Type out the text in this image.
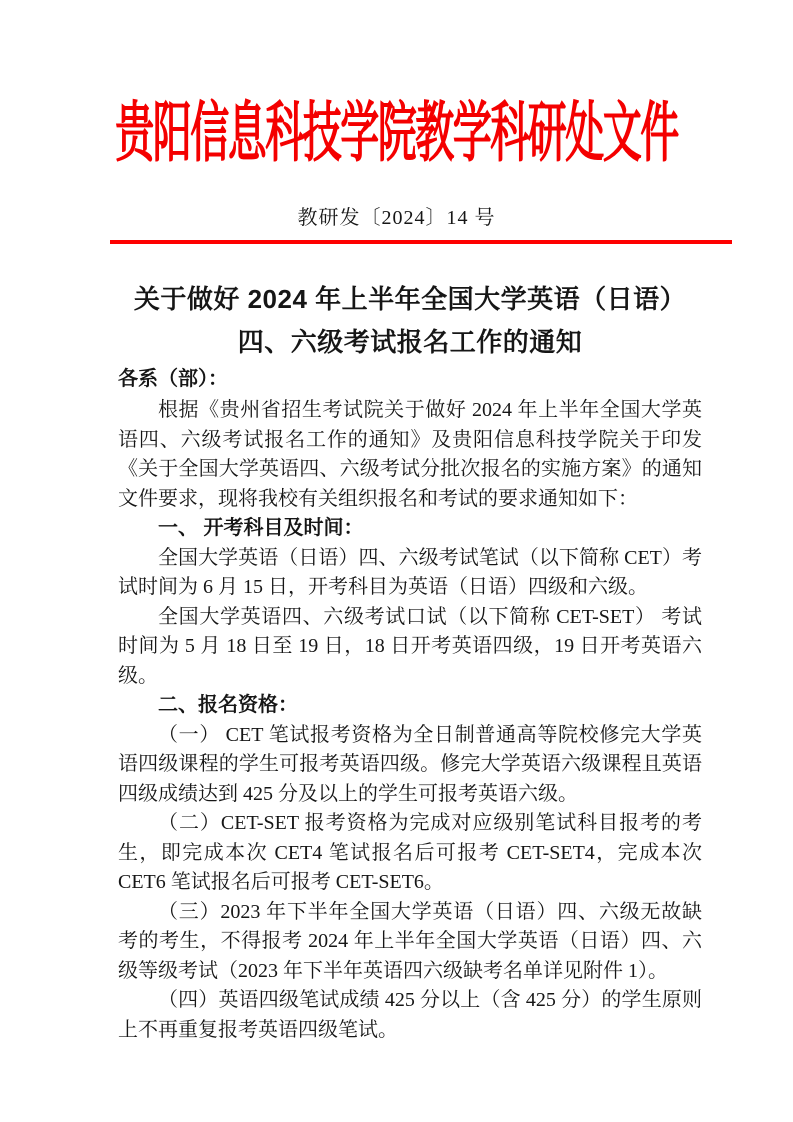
贵阳信息科技学院教学科研处文件
教研发〔2024〕14 号
关于做好 2024 年上半年全国大学英语（日语）
四、六级考试报名工作的通知
各系（部）：

根据《贵州省招生考试院关于做好 2024 年上半年全国大学英语四、六级考试报名工作的通知》及贵阳信息科技学院关于印发《关于全国大学英语四、六级考试分批次报名的实施方案》的通知文件要求，现将我校有关组织报名和考试的要求通知如下：

一、 开考科目及时间：

全国大学英语（日语）四、六级考试笔试（以下简称 CET）考试时间为 6 月 15 日，开考科目为英语（日语）四级和六级。

全国大学英语四、六级考试口试（以下简称 CET-SET） 考试时间为 5 月 18 日至 19 日，18 日开考英语四级，19 日开考英语六级。

二、报名资格：

（一） CET 笔试报考资格为全日制普通高等院校修完大学英语四级课程的学生可报考英语四级。修完大学英语六级课程且英语四级成绩达到 425 分及以上的学生可报考英语六级。

（二）CET-SET 报考资格为完成对应级别笔试科目报考的考生，即完成本次 CET4 笔试报名后可报考 CET-SET4，完成本次 CET6 笔试报名后可报考 CET-SET6。

（三）2023 年下半年全国大学英语（日语）四、六级无故缺考的考生，不得报考 2024 年上半年全国大学英语（日语）四、六级等级考试（2023 年下半年英语四六级缺考名单详见附件 1）。

（四）英语四级笔试成绩 425 分以上（含 425 分）的学生原则上不再重复报考英语四级笔试。
